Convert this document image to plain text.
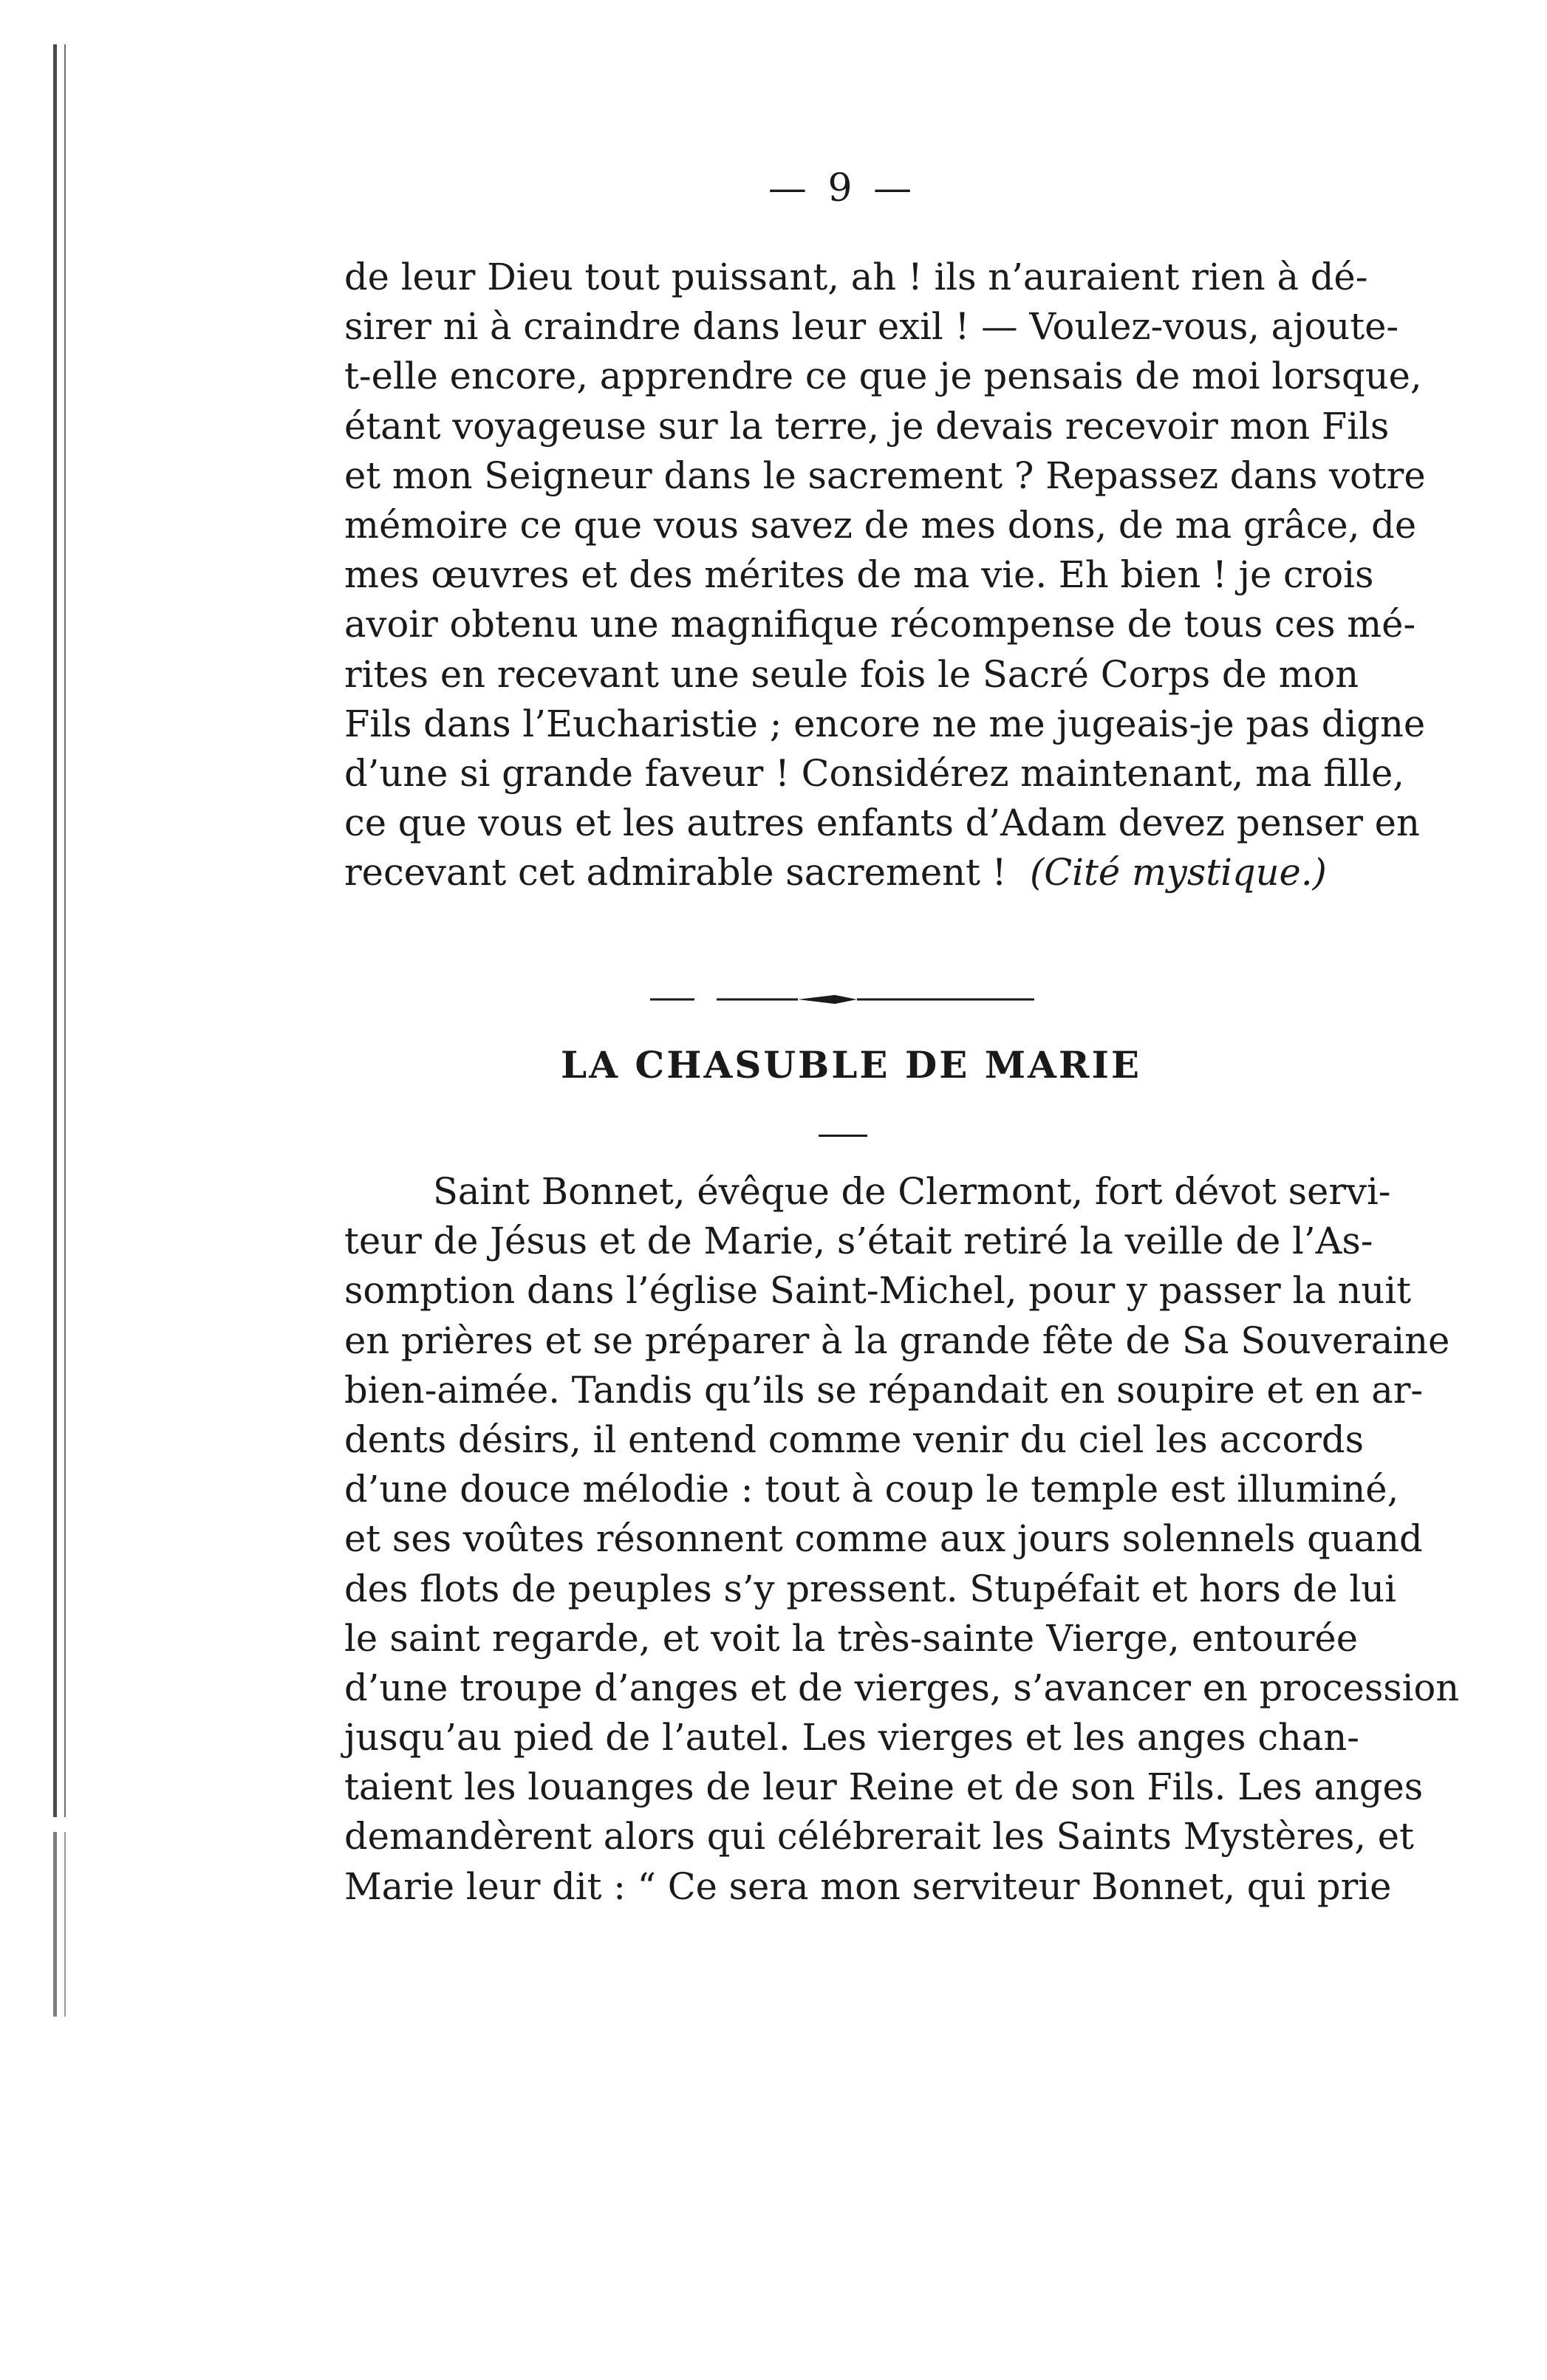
— 9 —
de leur Dieu tout puissant, ah ! ils n’auraient rien à dé-
sirer ni à craindre dans leur exil ! — Voulez-vous, ajoute-
t-elle encore, apprendre ce que je pensais de moi lorsque,
étant voyageuse sur la terre, je devais recevoir mon Fils
et mon Seigneur dans le sacrement ? Repassez dans votre
mémoire ce que vous savez de mes dons, de ma grâce, de
mes œuvres et des mérites de ma vie. Eh bien ! je crois
avoir obtenu une magnifique récompense de tous ces mé-
rites en recevant une seule fois le Sacré Corps de mon
Fils dans l’Eucharistie ; encore ne me jugeais-je pas digne
d’une si grande faveur ! Considérez maintenant, ma fille,
ce que vous et les autres enfants d’Adam devez penser en
recevant cet admirable sacrement ! (Cité mystique.)
LA CHASUBLE DE MARIE
Saint Bonnet, évêque de Clermont, fort dévot servi-
teur de Jésus et de Marie, s’était retiré la veille de l’As-
somption dans l’église Saint-Michel, pour y passer la nuit
en prières et se préparer à la grande fête de Sa Souveraine
bien-aimée. Tandis qu’ils se répandait en soupire et en ar-
dents désirs, il entend comme venir du ciel les accords
d’une douce mélodie : tout à coup le temple est illuminé,
et ses voûtes résonnent comme aux jours solennels quand
des flots de peuples s’y pressent. Stupéfait et hors de lui
le saint regarde, et voit la très-sainte Vierge, entourée
d’une troupe d’anges et de vierges, s’avancer en procession
jusqu’au pied de l’autel. Les vierges et les anges chan-
taient les louanges de leur Reine et de son Fils. Les anges
demandèrent alors qui célébrerait les Saints Mystères, et
Marie leur dit : “ Ce sera mon serviteur Bonnet, qui prie
